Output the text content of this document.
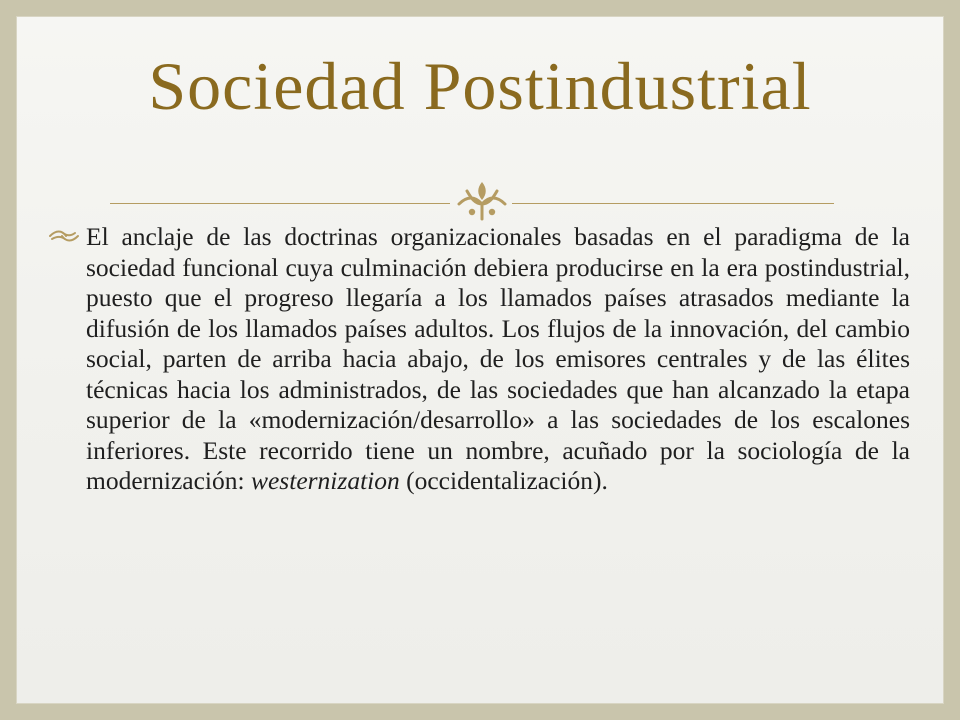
Sociedad Postindustrial

El anclaje de las doctrinas organizacionales basadas en el paradigma de la sociedad funcional cuya culminación debiera producirse en la era postindustrial, puesto que el progreso llegaría a los llamados países atrasados mediante la difusión de los llamados países adultos. Los flujos de la innovación, del cambio social, parten de arriba hacia abajo, de los emisores centrales y de las élites técnicas hacia los administrados, de las sociedades que han alcanzado la etapa superior de la «modernización/desarrollo» a las sociedades de los escalones inferiores. Este recorrido tiene un nombre, acuñado por la sociología de la modernización: westernization (occidentalización).
